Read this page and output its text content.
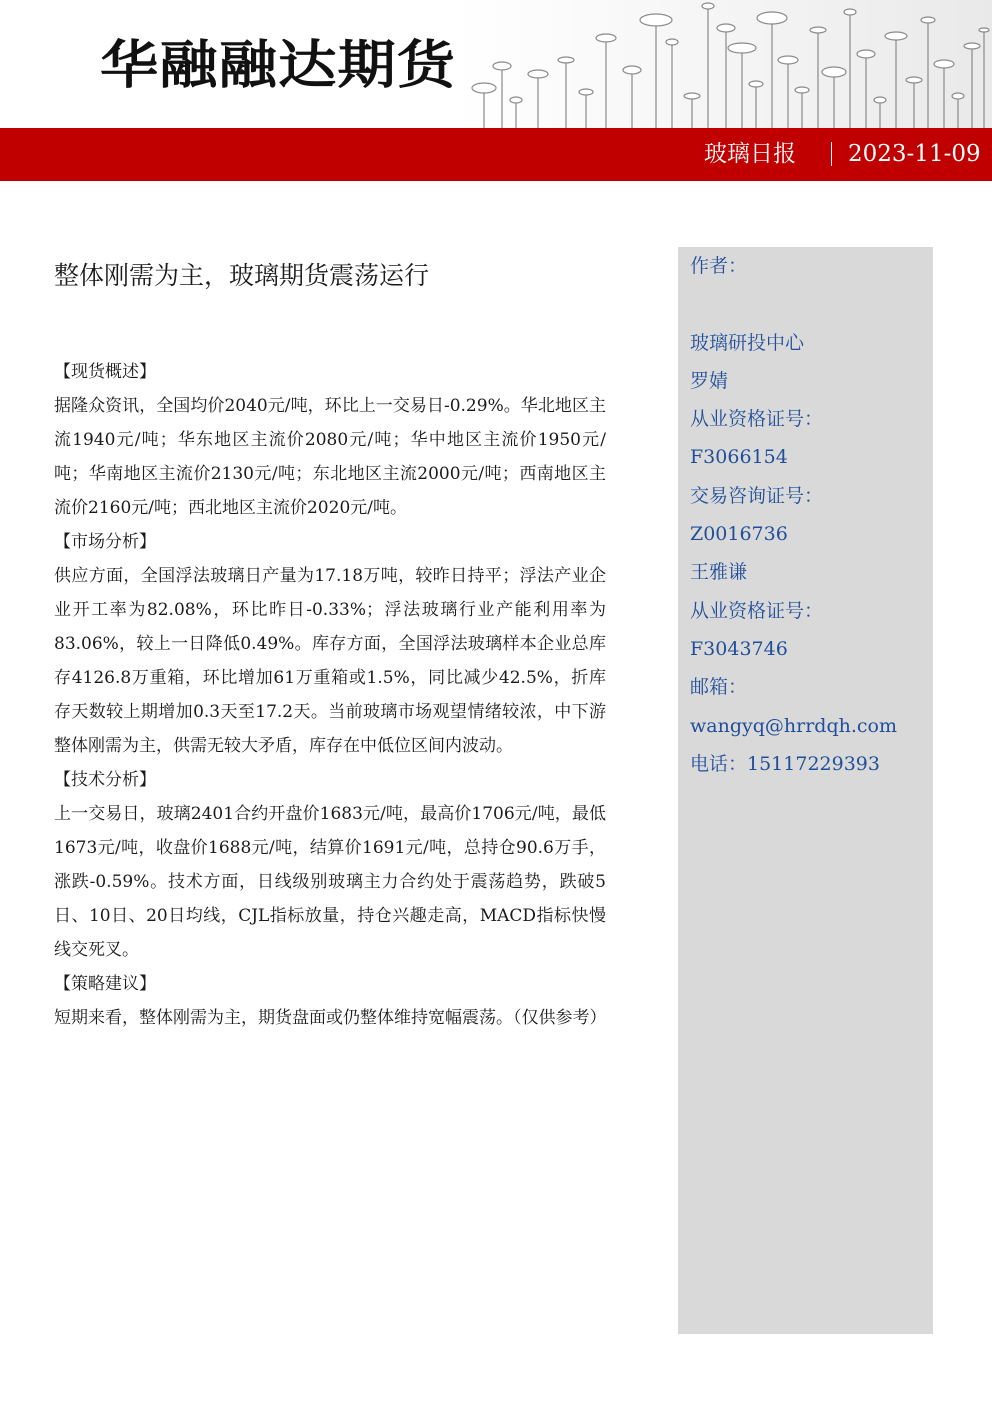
华融融达期货
玻璃日报 2023-11-09
整体刚需为主，玻璃期货震荡运行

【现货概述】

据隆众资讯，全国均价2040元/吨，环比上一交易日-0.29%。华北地区主流1940元/吨；华东地区主流价2080元/吨；华中地区主流价1950元/吨；华南地区主流价2130元/吨；东北地区主流2000元/吨；西南地区主流价2160元/吨；西北地区主流价2020元/吨。

【市场分析】

供应方面，全国浮法玻璃日产量为17.18万吨，较昨日持平；浮法产业企业开工率为82.08%，环比昨日-0.33%；浮法玻璃行业产能利用率为83.06%，较上一日降低0.49%。库存方面，全国浮法玻璃样本企业总库存4126.8万重箱，环比增加61万重箱或1.5%，同比减少42.5%，折库存天数较上期增加0.3天至17.2天。当前玻璃市场观望情绪较浓，中下游整体刚需为主，供需无较大矛盾，库存在中低位区间内波动。

【技术分析】

上一交易日，玻璃2401合约开盘价1683元/吨，最高价1706元/吨，最低1673元/吨，收盘价1688元/吨，结算价1691元/吨，总持仓90.6万手，涨跌-0.59%。技术方面，日线级别玻璃主力合约处于震荡趋势，跌破5日、10日、20日均线，CJL指标放量，持仓兴趣走高，MACD指标快慢线交死叉。

【策略建议】

短期来看，整体刚需为主，期货盘面或仍整体维持宽幅震荡。（仅供参考）

作者：
玻璃研投中心
罗婧
从业资格证号：
F3066154
交易咨询证号：
Z0016736
王雅谦
从业资格证号：
F3043746
邮箱：
wangyq@hrrdqh.com
电话：15117229393
